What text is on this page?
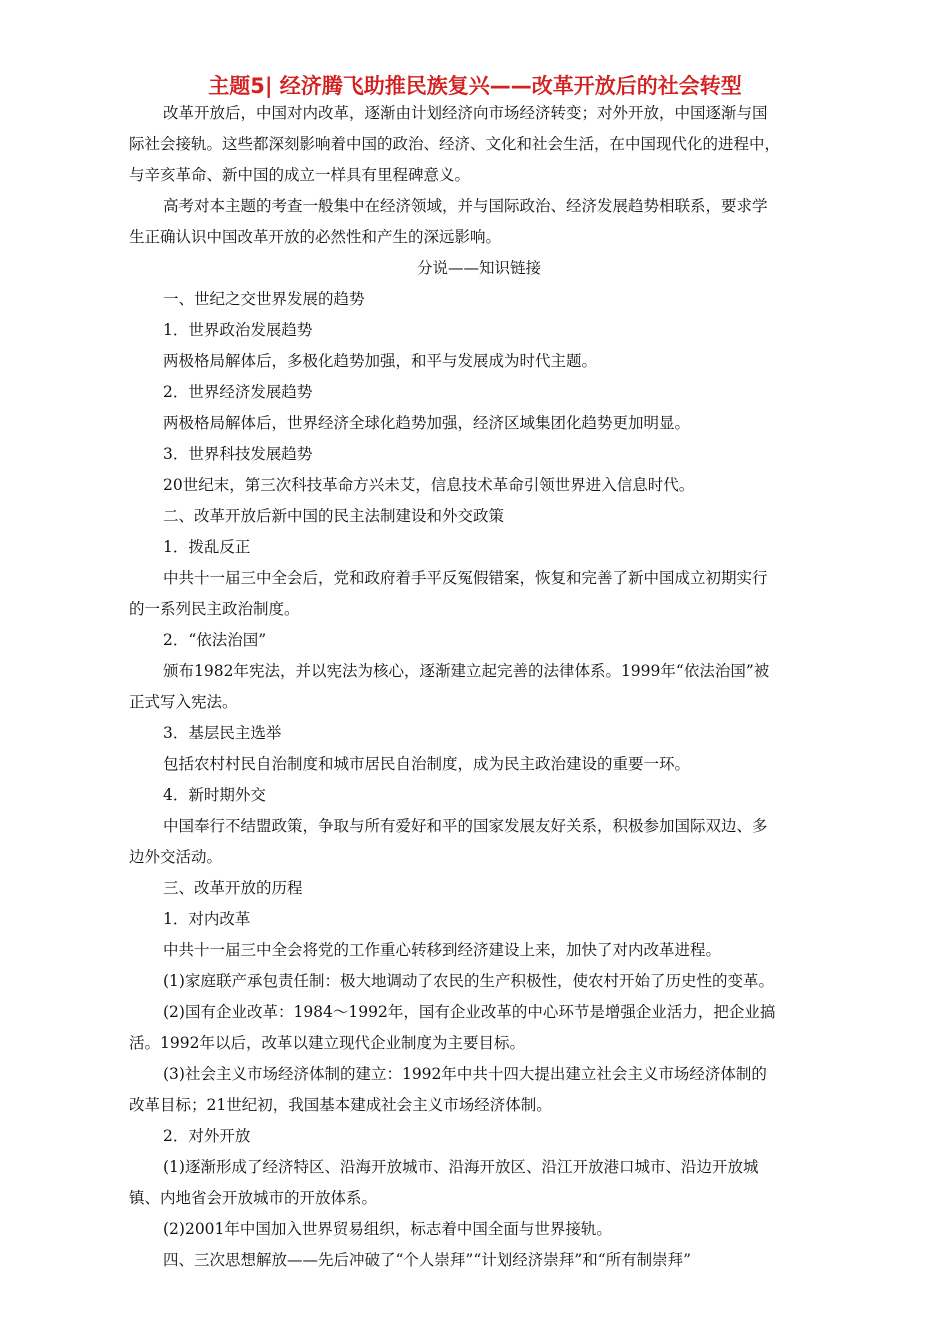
主题5| 经济腾飞助推民族复兴——改革开放后的社会转型
改革开放后，中国对内改革，逐渐由计划经济向市场经济转变；对外开放，中国逐渐与国
际社会接轨。这些都深刻影响着中国的政治、经济、文化和社会生活，在中国现代化的进程中，
与辛亥革命、新中国的成立一样具有里程碑意义。
高考对本主题的考查一般集中在经济领域，并与国际政治、经济发展趋势相联系，要求学
生正确认识中国改革开放的必然性和产生的深远影响。
分说——知识链接
一、世纪之交世界发展的趋势
1．世界政治发展趋势
两极格局解体后，多极化趋势加强，和平与发展成为时代主题。
2．世界经济发展趋势
两极格局解体后，世界经济全球化趋势加强，经济区域集团化趋势更加明显。
3．世界科技发展趋势
20世纪末，第三次科技革命方兴未艾，信息技术革命引领世界进入信息时代。
二、改革开放后新中国的民主法制建设和外交政策
1．拨乱反正
中共十一届三中全会后，党和政府着手平反冤假错案，恢复和完善了新中国成立初期实行
的一系列民主政治制度。
2．“依法治国”
颁布1982年宪法，并以宪法为核心，逐渐建立起完善的法律体系。1999年“依法治国”被
正式写入宪法。
3．基层民主选举
包括农村村民自治制度和城市居民自治制度，成为民主政治建设的重要一环。
4．新时期外交
中国奉行不结盟政策，争取与所有爱好和平的国家发展友好关系，积极参加国际双边、多
边外交活动。
三、改革开放的历程
1．对内改革
中共十一届三中全会将党的工作重心转移到经济建设上来，加快了对内改革进程。
(1)家庭联产承包责任制：极大地调动了农民的生产积极性，使农村开始了历史性的变革。
(2)国有企业改革：1984～1992年，国有企业改革的中心环节是增强企业活力，把企业搞
活。1992年以后，改革以建立现代企业制度为主要目标。
(3)社会主义市场经济体制的建立：1992年中共十四大提出建立社会主义市场经济体制的
改革目标；21世纪初，我国基本建成社会主义市场经济体制。
2．对外开放
(1)逐渐形成了经济特区、沿海开放城市、沿海开放区、沿江开放港口城市、沿边开放城
镇、内地省会开放城市的开放体系。
(2)2001年中国加入世界贸易组织，标志着中国全面与世界接轨。
四、三次思想解放——先后冲破了“个人崇拜”“计划经济崇拜”和“所有制崇拜”
